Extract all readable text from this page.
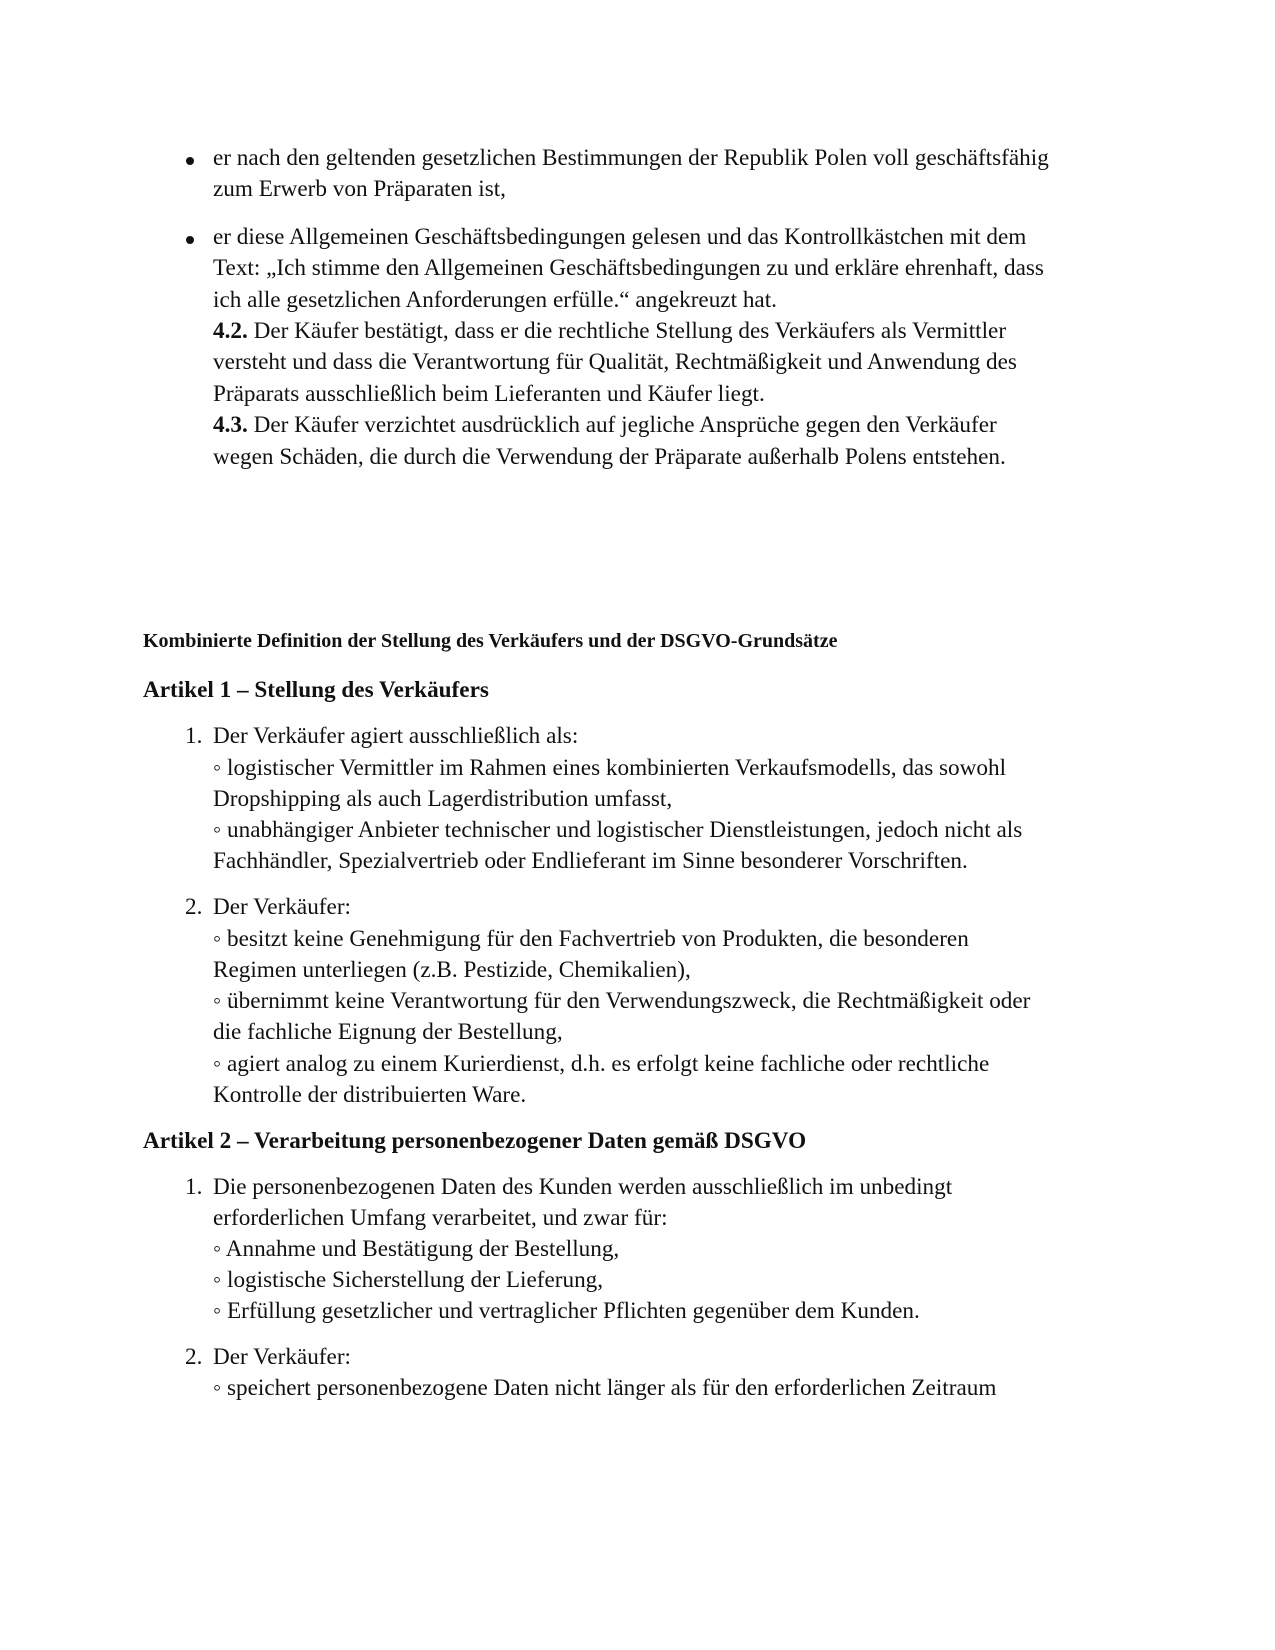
er nach den geltenden gesetzlichen Bestimmungen der Republik Polen voll geschäftsfähig

zum Erwerb von Präparaten ist,

er diese Allgemeinen Geschäftsbedingungen gelesen und das Kontrollkästchen mit dem

Text: „Ich stimme den Allgemeinen Geschäftsbedingungen zu und erkläre ehrenhaft, dass

ich alle gesetzlichen Anforderungen erfülle.“ angekreuzt hat.

4.2. Der Käufer bestätigt, dass er die rechtliche Stellung des Verkäufers als Vermittler

versteht und dass die Verantwortung für Qualität, Rechtmäßigkeit und Anwendung des

Präparats ausschließlich beim Lieferanten und Käufer liegt.

4.3. Der Käufer verzichtet ausdrücklich auf jegliche Ansprüche gegen den Verkäufer

wegen Schäden, die durch die Verwendung der Präparate außerhalb Polens entstehen.

Kombinierte Definition der Stellung des Verkäufers und der DSGVO-Grundsätze
Artikel 1 – Stellung des Verkäufers
1. Der Verkäufer agiert ausschließlich als:

◦ logistischer Vermittler im Rahmen eines kombinierten Verkaufsmodells, das sowohl

Dropshipping als auch Lagerdistribution umfasst,

◦ unabhängiger Anbieter technischer und logistischer Dienstleistungen, jedoch nicht als

Fachhändler, Spezialvertrieb oder Endlieferant im Sinne besonderer Vorschriften.

2. Der Verkäufer:

◦ besitzt keine Genehmigung für den Fachvertrieb von Produkten, die besonderen

Regimen unterliegen (z.B. Pestizide, Chemikalien),

◦ übernimmt keine Verantwortung für den Verwendungszweck, die Rechtmäßigkeit oder

die fachliche Eignung der Bestellung,

◦ agiert analog zu einem Kurierdienst, d.h. es erfolgt keine fachliche oder rechtliche

Kontrolle der distribuierten Ware.

Artikel 2 – Verarbeitung personenbezogener Daten gemäß DSGVO
1. Die personenbezogenen Daten des Kunden werden ausschließlich im unbedingt

erforderlichen Umfang verarbeitet, und zwar für:

◦ Annahme und Bestätigung der Bestellung,

◦ logistische Sicherstellung der Lieferung,

◦ Erfüllung gesetzlicher und vertraglicher Pflichten gegenüber dem Kunden.

2. Der Verkäufer:

◦ speichert personenbezogene Daten nicht länger als für den erforderlichen Zeitraum
